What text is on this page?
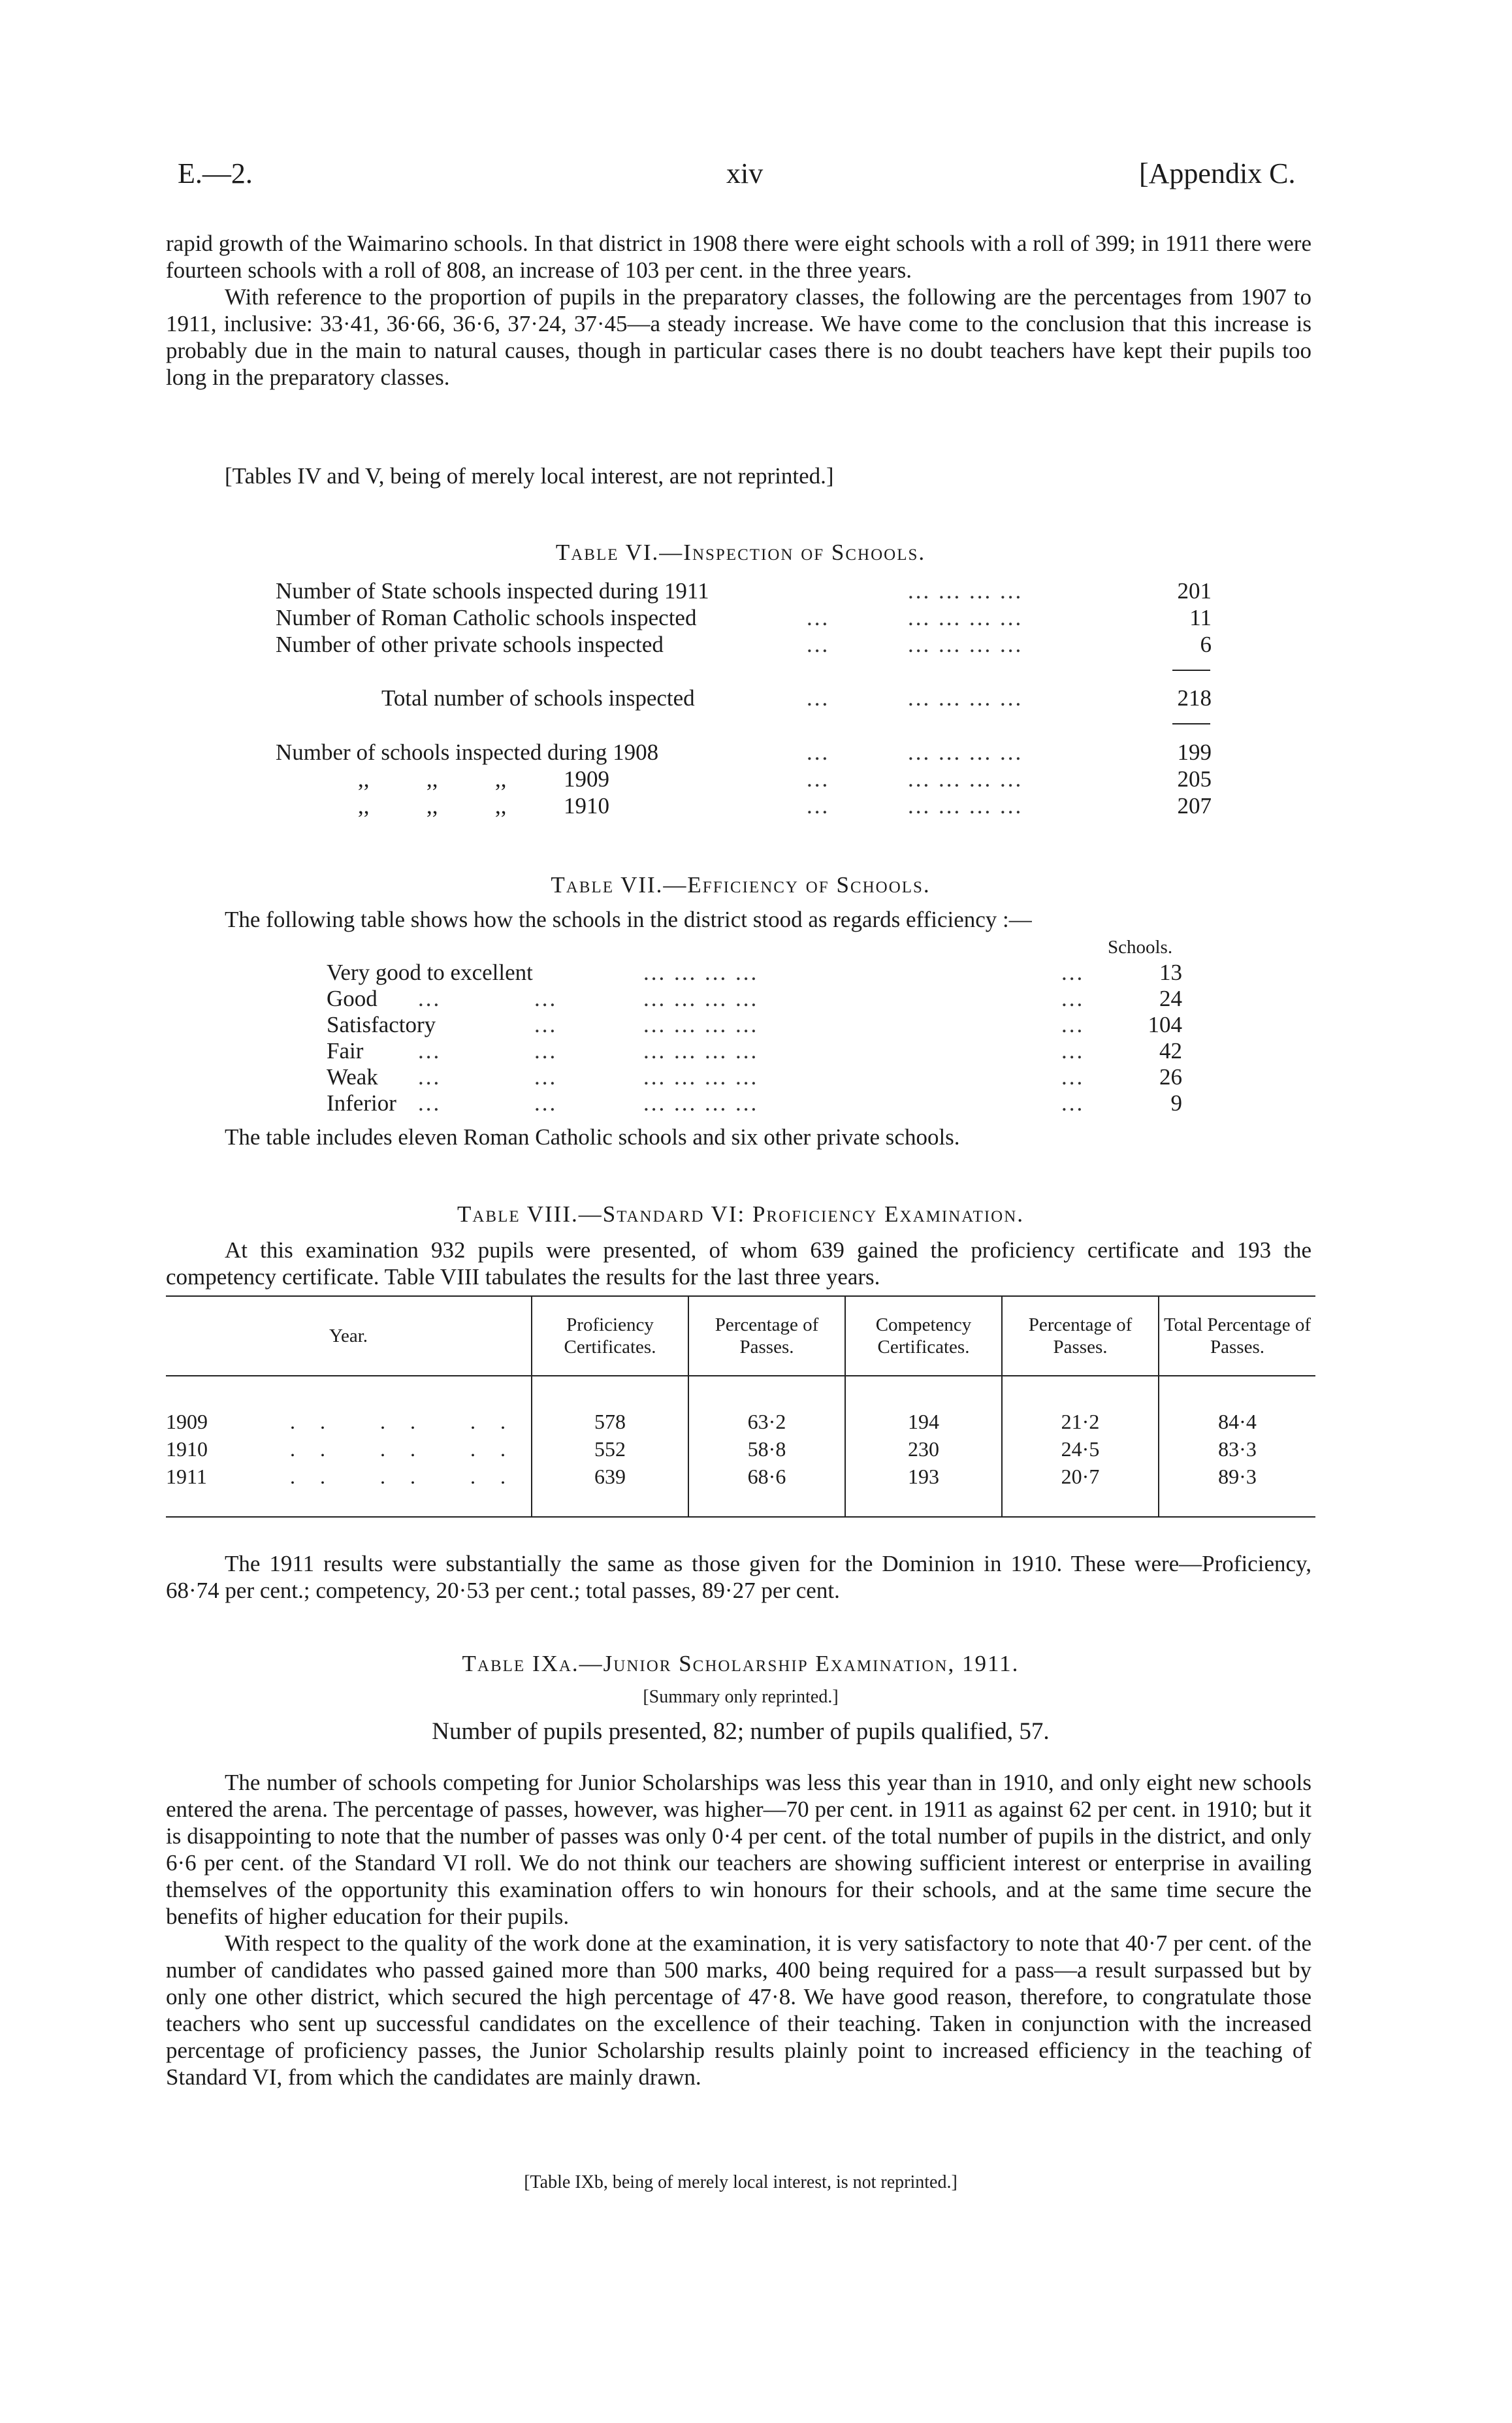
E.—2.	xiv	[Appendix C.

rapid growth of the Waimarino schools. In that district in 1908 there were eight schools with a roll of 399; in 1911 there were fourteen schools with a roll of 808, an increase of 103 per cent. in the three years.

With reference to the proportion of pupils in the preparatory classes, the following are the percentages from 1907 to 1911, inclusive: 33·41, 36·66, 36·6, 37·24, 37·45—a steady increase. We have come to the conclusion that this increase is probably due in the main to natural causes, though in particular cases there is no doubt teachers have kept their pupils too long in the preparatory classes.

[Tables IV and V, being of merely local interest, are not reprinted.]
Table VI.—Inspection of Schools.
Number of State schools inspected during 1911	... ... ... ...	201
Number of Roman Catholic schools inspected	...	... ... ... ...	11
Number of other private schools inspected	...	... ... ... ...	6
Total number of schools inspected	...	... ... ... ...	218
Number of schools inspected during 1908	...	... ... ... ...	199
,,          ,,          ,,          1909	...	... ... ... ...	205
,,          ,,          ,,          1910	...	... ... ... ...	207
Table VII.—Efficiency of Schools.
The following table shows how the schools in the district stood as regards efficiency :—
Schools.
Very good to excellent	... ... ... ...	...	13
Good ...	...	... ... ... ...	...	24
Satisfactory	...	... ... ... ...	...	104
Fair ...	...	... ... ... ...	...	42
Weak ...	...	... ... ... ...	...	26
Inferior ...	...	... ... ... ...	...	9
The table includes eleven Roman Catholic schools and six other private schools.
Table VIII.—Standard VI: Proficiency Examination.
At this examination 932 pupils were presented, of whom 639 gained the proficiency certificate and 193 the competency certificate. Table VIII tabulates the results for the last three years.
Year.	Proficiency Certificates.	Percentage of Passes.	Competency Certificates.	Percentage of Passes.	Total Percentage of Passes.
1909 .. .. ..	578	63·2	194	21·2	84·4
1910 .. .. ..	552	58·8	230	24·5	83·3
1911 .. .. ..	639	68·6	193	20·7	89·3
The 1911 results were substantially the same as those given for the Dominion in 1910. These were—Proficiency, 68·74 per cent.; competency, 20·53 per cent.; total passes, 89·27 per cent.
Table IXa.—Junior Scholarship Examination, 1911.
[Summary only reprinted.]
Number of pupils presented, 82; number of pupils qualified, 57.

The number of schools competing for Junior Scholarships was less this year than in 1910, and only eight new schools entered the arena. The percentage of passes, however, was higher—70 per cent. in 1911 as against 62 per cent. in 1910; but it is disappointing to note that the number of passes was only 0·4 per cent. of the total number of pupils in the district, and only 6·6 per cent. of the Standard VI roll. We do not think our teachers are showing sufficient interest or enterprise in availing themselves of the opportunity this examination offers to win honours for their schools, and at the same time secure the benefits of higher education for their pupils.

With respect to the quality of the work done at the examination, it is very satisfactory to note that 40·7 per cent. of the number of candidates who passed gained more than 500 marks, 400 being required for a pass—a result surpassed but by only one other district, which secured the high percentage of 47·8. We have good reason, therefore, to congratulate those teachers who sent up successful candidates on the excellence of their teaching. Taken in conjunction with the increased percentage of proficiency passes, the Junior Scholarship results plainly point to increased efficiency in the teaching of Standard VI, from which the candidates are mainly drawn.

[Table IXb, being of merely local interest, is not reprinted.]
